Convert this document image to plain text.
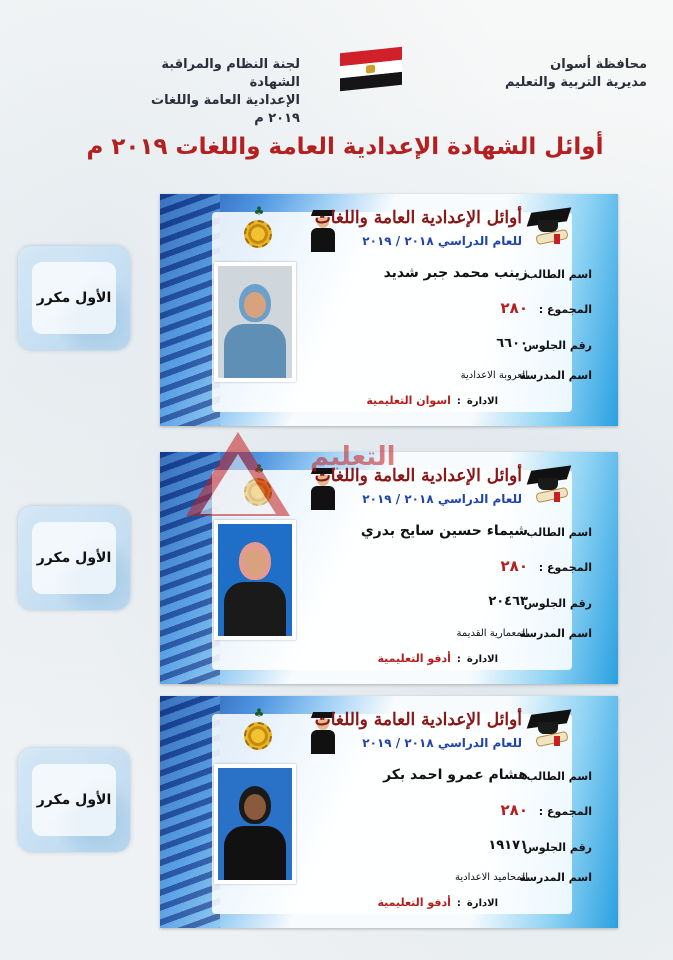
محافظة أسوان
مديرية التربية والتعليم
لجنة النظام والمراقبة الشهادة
الإعدادية العامة واللغات ٢٠١٩ م
أوائل الشهادة الإعدادية العامة واللغات ٢٠١٩ م
الأول مكرر
♣	أوائل الإعدادية العامة واللغات
للعام الدراسي ٢٠١٨ / ٢٠١٩
اسم الطالب
زينب محمد جبر شديد
المجموع :
٢٨٠
رقم الجلوس
٦٦٠٠
اسم المدرسة
العروبة الاعدادية
الادارة:اسوان التعليمية
الأول مكرر
♣	أوائل الإعدادية العامة واللغات
للعام الدراسي ٢٠١٨ / ٢٠١٩
اسم الطالب
شيماء حسين سايح بدري
المجموع :
٢٨٠
رقم الجلوس
٢٠٤٦٣
اسم المدرسة
المعمارية القديمة
الادارة:أدفو التعليمية
الأول مكرر
♣	أوائل الإعدادية العامة واللغات
للعام الدراسي ٢٠١٨ / ٢٠١٩
اسم الطالب
هشام عمرو احمد بكر
المجموع :
٢٨٠
رقم الجلوس
١٩١٧١
اسم المدرسة
المحاميد الاعدادية
الادارة:أدفو التعليمية
التعليم
